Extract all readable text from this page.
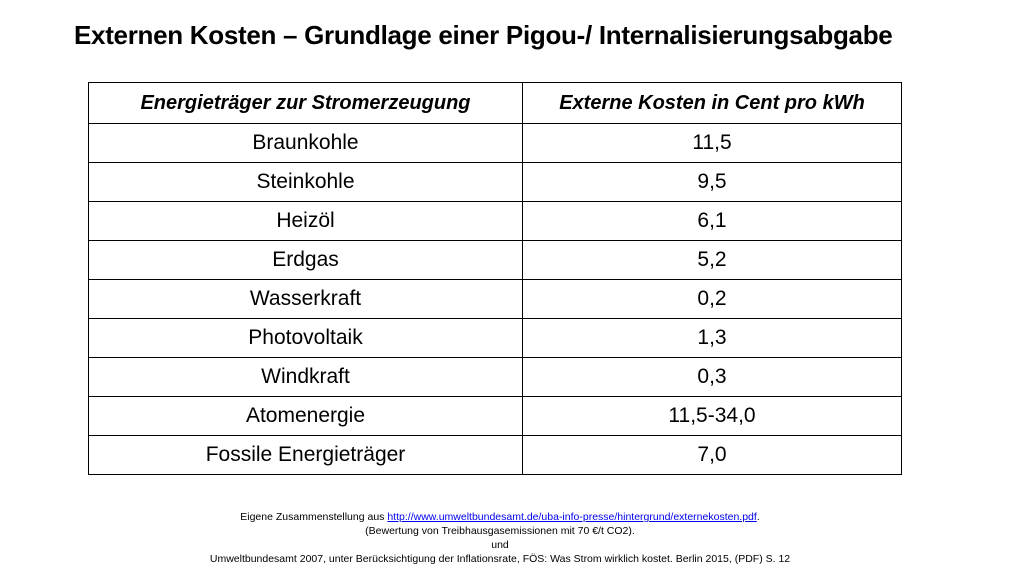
Externen Kosten – Grundlage einer Pigou-/ Internalisierungsabgabe
Energieträger zur Stromerzeugung	Externe Kosten in Cent pro kWh
Braunkohle	11,5
Steinkohle	9,5
Heizöl	6,1
Erdgas	5,2
Wasserkraft	0,2
Photovoltaik	1,3
Windkraft	0,3
Atomenergie	11,5-34,0
Fossile Energieträger	7,0
Eigene Zusammenstellung aus http://www.umweltbundesamt.de/uba-info-presse/hintergrund/externekosten.pdf.
(Bewertung von Treibhausgasemissionen mit 70 €/t CO2).
und
Umweltbundesamt 2007, unter Berücksichtigung der Inflationsrate, FÖS: Was Strom wirklich kostet. Berlin 2015, (PDF) S. 12
